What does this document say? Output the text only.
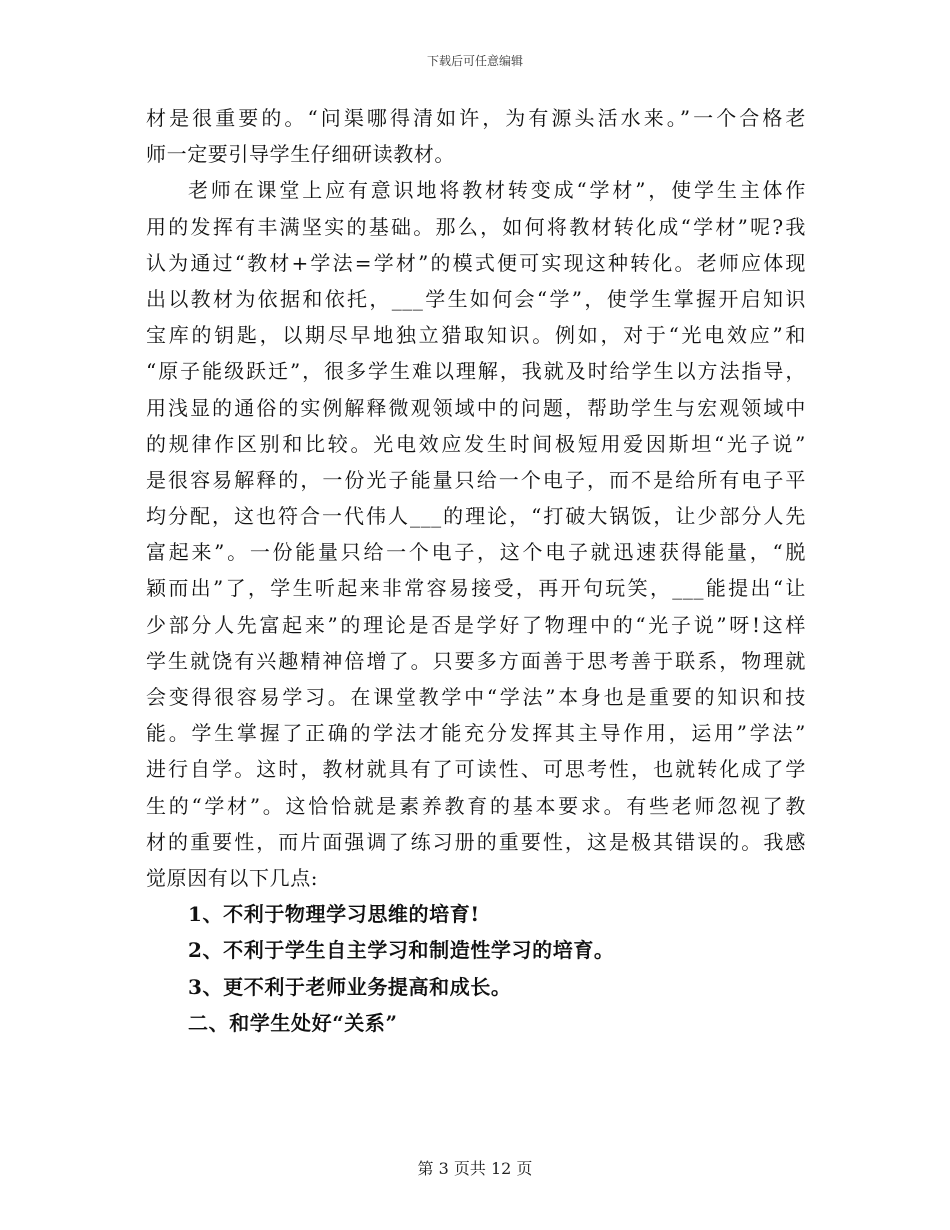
下载后可任意编辑
材是很重要的。“问渠哪得清如许，为有源头活水来。”一个合格老
师一定要引导学生仔细研读教材。
老师在课堂上应有意识地将教材转变成“学材”，使学生主体作
用的发挥有丰满坚实的基础。那么，如何将教材转化成“学材”呢?我
认为通过“教材+学法=学材”的模式便可实现这种转化。老师应体现
出以教材为依据和依托，___学生如何会“学”，使学生掌握开启知识
宝库的钥匙，以期尽早地独立猎取知识。例如，对于“光电效应”和
“原子能级跃迁”，很多学生难以理解，我就及时给学生以方法指导，
用浅显的通俗的实例解释微观领域中的问题，帮助学生与宏观领域中
的规律作区别和比较。光电效应发生时间极短用爱因斯坦“光子说”
是很容易解释的，一份光子能量只给一个电子，而不是给所有电子平
均分配，这也符合一代伟人___的理论，“打破大锅饭，让少部分人先
富起来”。一份能量只给一个电子，这个电子就迅速获得能量，“脱
颖而出”了，学生听起来非常容易接受，再开句玩笑，___能提出“让
少部分人先富起来”的理论是否是学好了物理中的“光子说”呀!这样
学生就饶有兴趣精神倍增了。只要多方面善于思考善于联系，物理就
会变得很容易学习。在课堂教学中“学法”本身也是重要的知识和技
能。学生掌握了正确的学法才能充分发挥其主导作用，运用”学法”
进行自学。这时，教材就具有了可读性、可思考性，也就转化成了学
生的“学材”。这恰恰就是素养教育的基本要求。有些老师忽视了教
材的重要性，而片面强调了练习册的重要性，这是极其错误的。我感
觉原因有以下几点:
1、不利于物理学习思维的培育!
2、不利于学生自主学习和制造性学习的培育。
3、更不利于老师业务提高和成长。
二、和学生处好“关系”
第 3 页共 12 页
